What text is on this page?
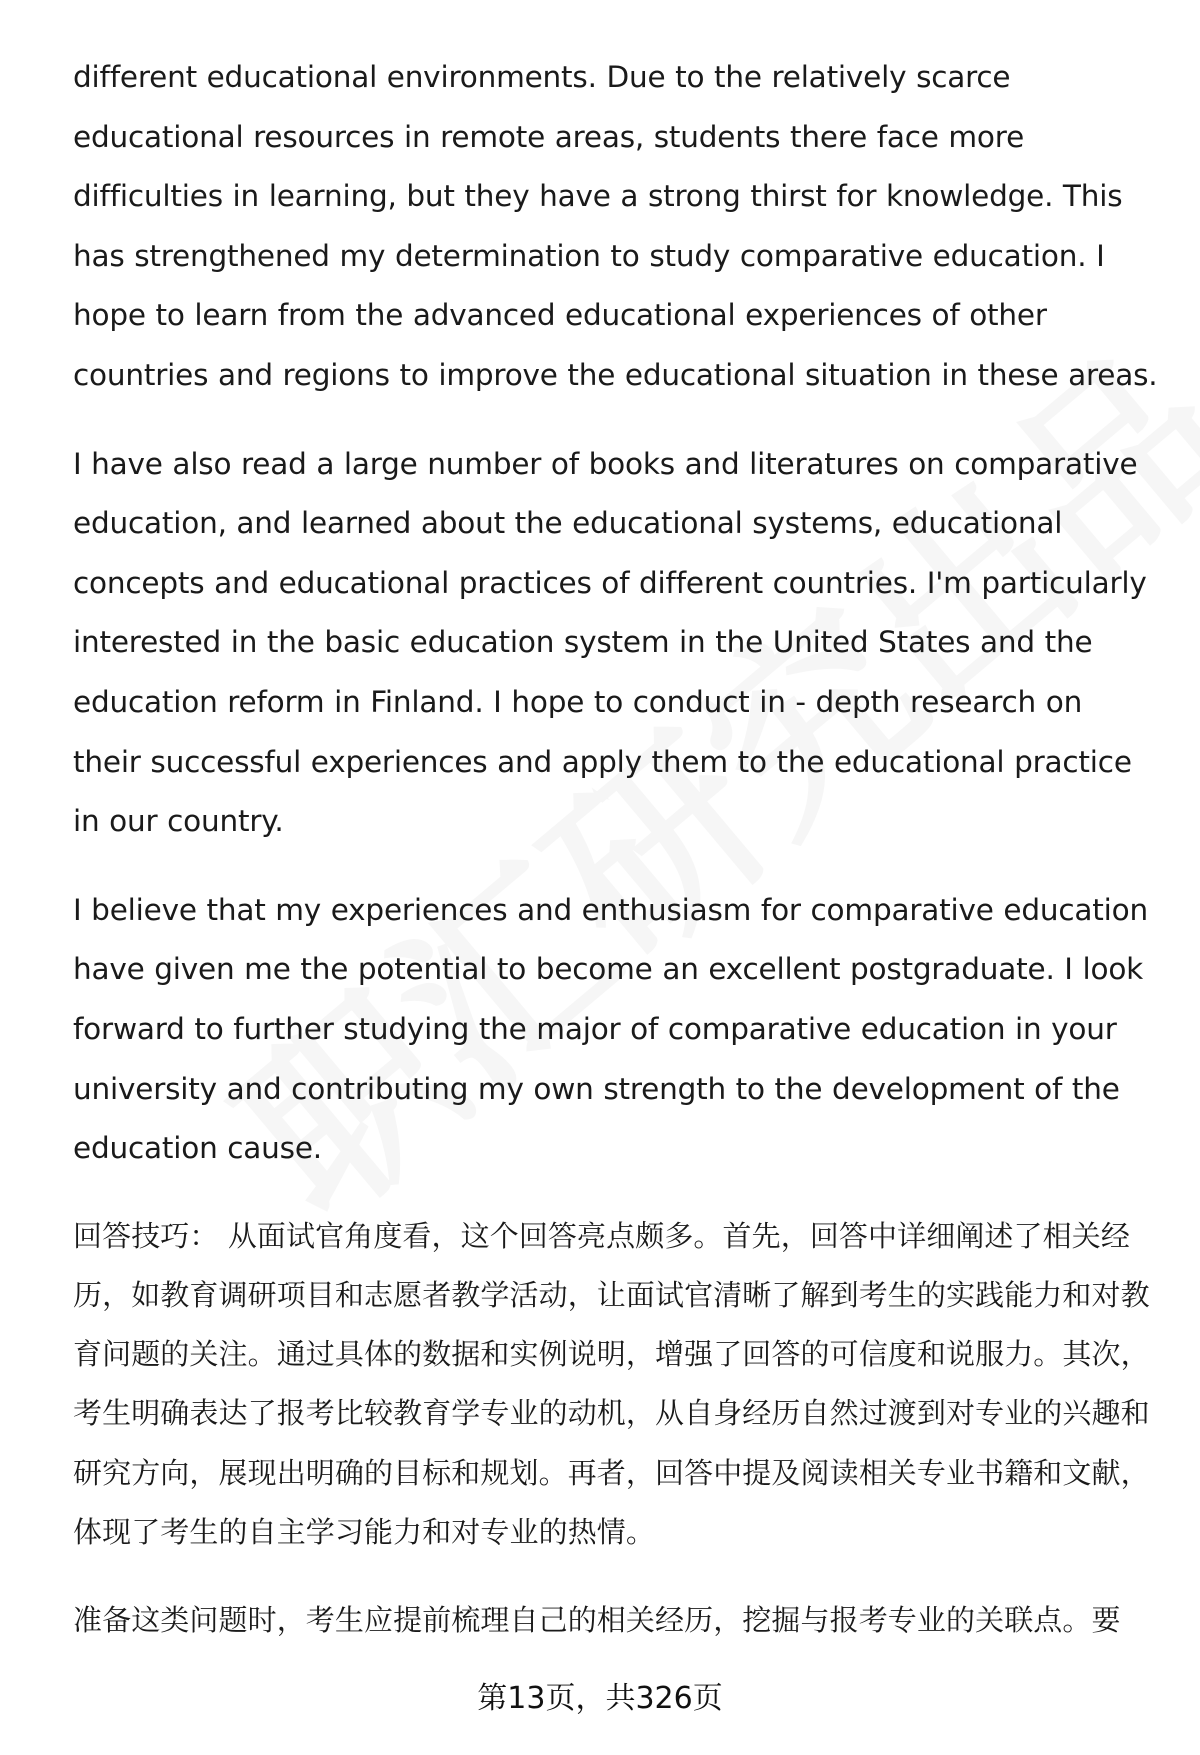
different educational environments. Due to the relatively scarce educational resources in remote areas, students there face more difficulties in learning, but they have a strong thirst for knowledge. This has strengthened my determination to study comparative education. I hope to learn from the advanced educational experiences of other countries and regions to improve the educational situation in these areas.

I have also read a large number of books and literatures on comparative education, and learned about the educational systems, educational concepts and educational practices of different countries. I'm particularly interested in the basic education system in the United States and the education reform in Finland. I hope to conduct in - depth research on their successful experiences and apply them to the educational practice in our country.

I believe that my experiences and enthusiasm for comparative education have given me the potential to become an excellent postgraduate. I look forward to further studying the major of comparative education in your university and contributing my own strength to the development of the education cause.

回答技巧： 从面试官角度看，这个回答亮点颇多。首先，回答中详细阐述了相关经历，如教育调研项目和志愿者教学活动，让面试官清晰了解到考生的实践能力和对教育问题的关注。通过具体的数据和实例说明，增强了回答的可信度和说服力。其次，考生明确表达了报考比较教育学专业的动机，从自身经历自然过渡到对专业的兴趣和研究方向，展现出明确的目标和规划。再者，回答中提及阅读相关专业书籍和文献，体现了考生的自主学习能力和对专业的热情。

准备这类问题时，考生应提前梳理自己的相关经历，挖掘与报考专业的关联点。要

第13页，共326页
